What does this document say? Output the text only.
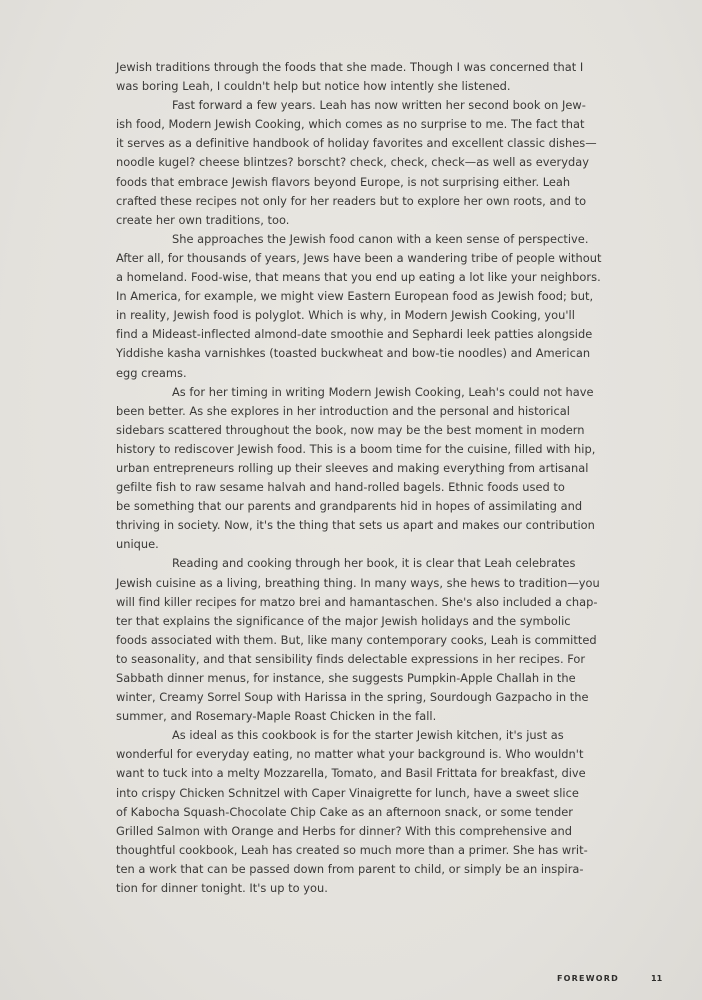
Jewish traditions through the foods that she made. Though I was concerned that I
was boring Leah, I couldn't help but notice how intently she listened.
Fast forward a few years. Leah has now written her second book on Jew-
ish food, Modern Jewish Cooking, which comes as no surprise to me. The fact that
it serves as a definitive handbook of holiday favorites and excellent classic dishes—
noodle kugel? cheese blintzes? borscht? check, check, check—as well as everyday
foods that embrace Jewish flavors beyond Europe, is not surprising either. Leah
crafted these recipes not only for her readers but to explore her own roots, and to
create her own traditions, too.
She approaches the Jewish food canon with a keen sense of perspective.
After all, for thousands of years, Jews have been a wandering tribe of people without
a homeland. Food-wise, that means that you end up eating a lot like your neighbors.
In America, for example, we might view Eastern European food as Jewish food; but,
in reality, Jewish food is polyglot. Which is why, in Modern Jewish Cooking, you'll
find a Mideast-inflected almond-date smoothie and Sephardi leek patties alongside
Yiddishe kasha varnishkes (toasted buckwheat and bow-tie noodles) and American
egg creams.
As for her timing in writing Modern Jewish Cooking, Leah's could not have
been better. As she explores in her introduction and the personal and historical
sidebars scattered throughout the book, now may be the best moment in modern
history to rediscover Jewish food. This is a boom time for the cuisine, filled with hip,
urban entrepreneurs rolling up their sleeves and making everything from artisanal
gefilte fish to raw sesame halvah and hand-rolled bagels. Ethnic foods used to
be something that our parents and grandparents hid in hopes of assimilating and
thriving in society. Now, it's the thing that sets us apart and makes our contribution
unique.
Reading and cooking through her book, it is clear that Leah celebrates
Jewish cuisine as a living, breathing thing. In many ways, she hews to tradition—you
will find killer recipes for matzo brei and hamantaschen. She's also included a chap-
ter that explains the significance of the major Jewish holidays and the symbolic
foods associated with them. But, like many contemporary cooks, Leah is committed
to seasonality, and that sensibility finds delectable expressions in her recipes. For
Sabbath dinner menus, for instance, she suggests Pumpkin-Apple Challah in the
winter, Creamy Sorrel Soup with Harissa in the spring, Sourdough Gazpacho in the
summer, and Rosemary-Maple Roast Chicken in the fall.
As ideal as this cookbook is for the starter Jewish kitchen, it's just as
wonderful for everyday eating, no matter what your background is. Who wouldn't
want to tuck into a melty Mozzarella, Tomato, and Basil Frittata for breakfast, dive
into crispy Chicken Schnitzel with Caper Vinaigrette for lunch, have a sweet slice
of Kabocha Squash-Chocolate Chip Cake as an afternoon snack, or some tender
Grilled Salmon with Orange and Herbs for dinner? With this comprehensive and
thoughtful cookbook, Leah has created so much more than a primer. She has writ-
ten a work that can be passed down from parent to child, or simply be an inspira-
tion for dinner tonight. It's up to you.
FOREWORD	11
